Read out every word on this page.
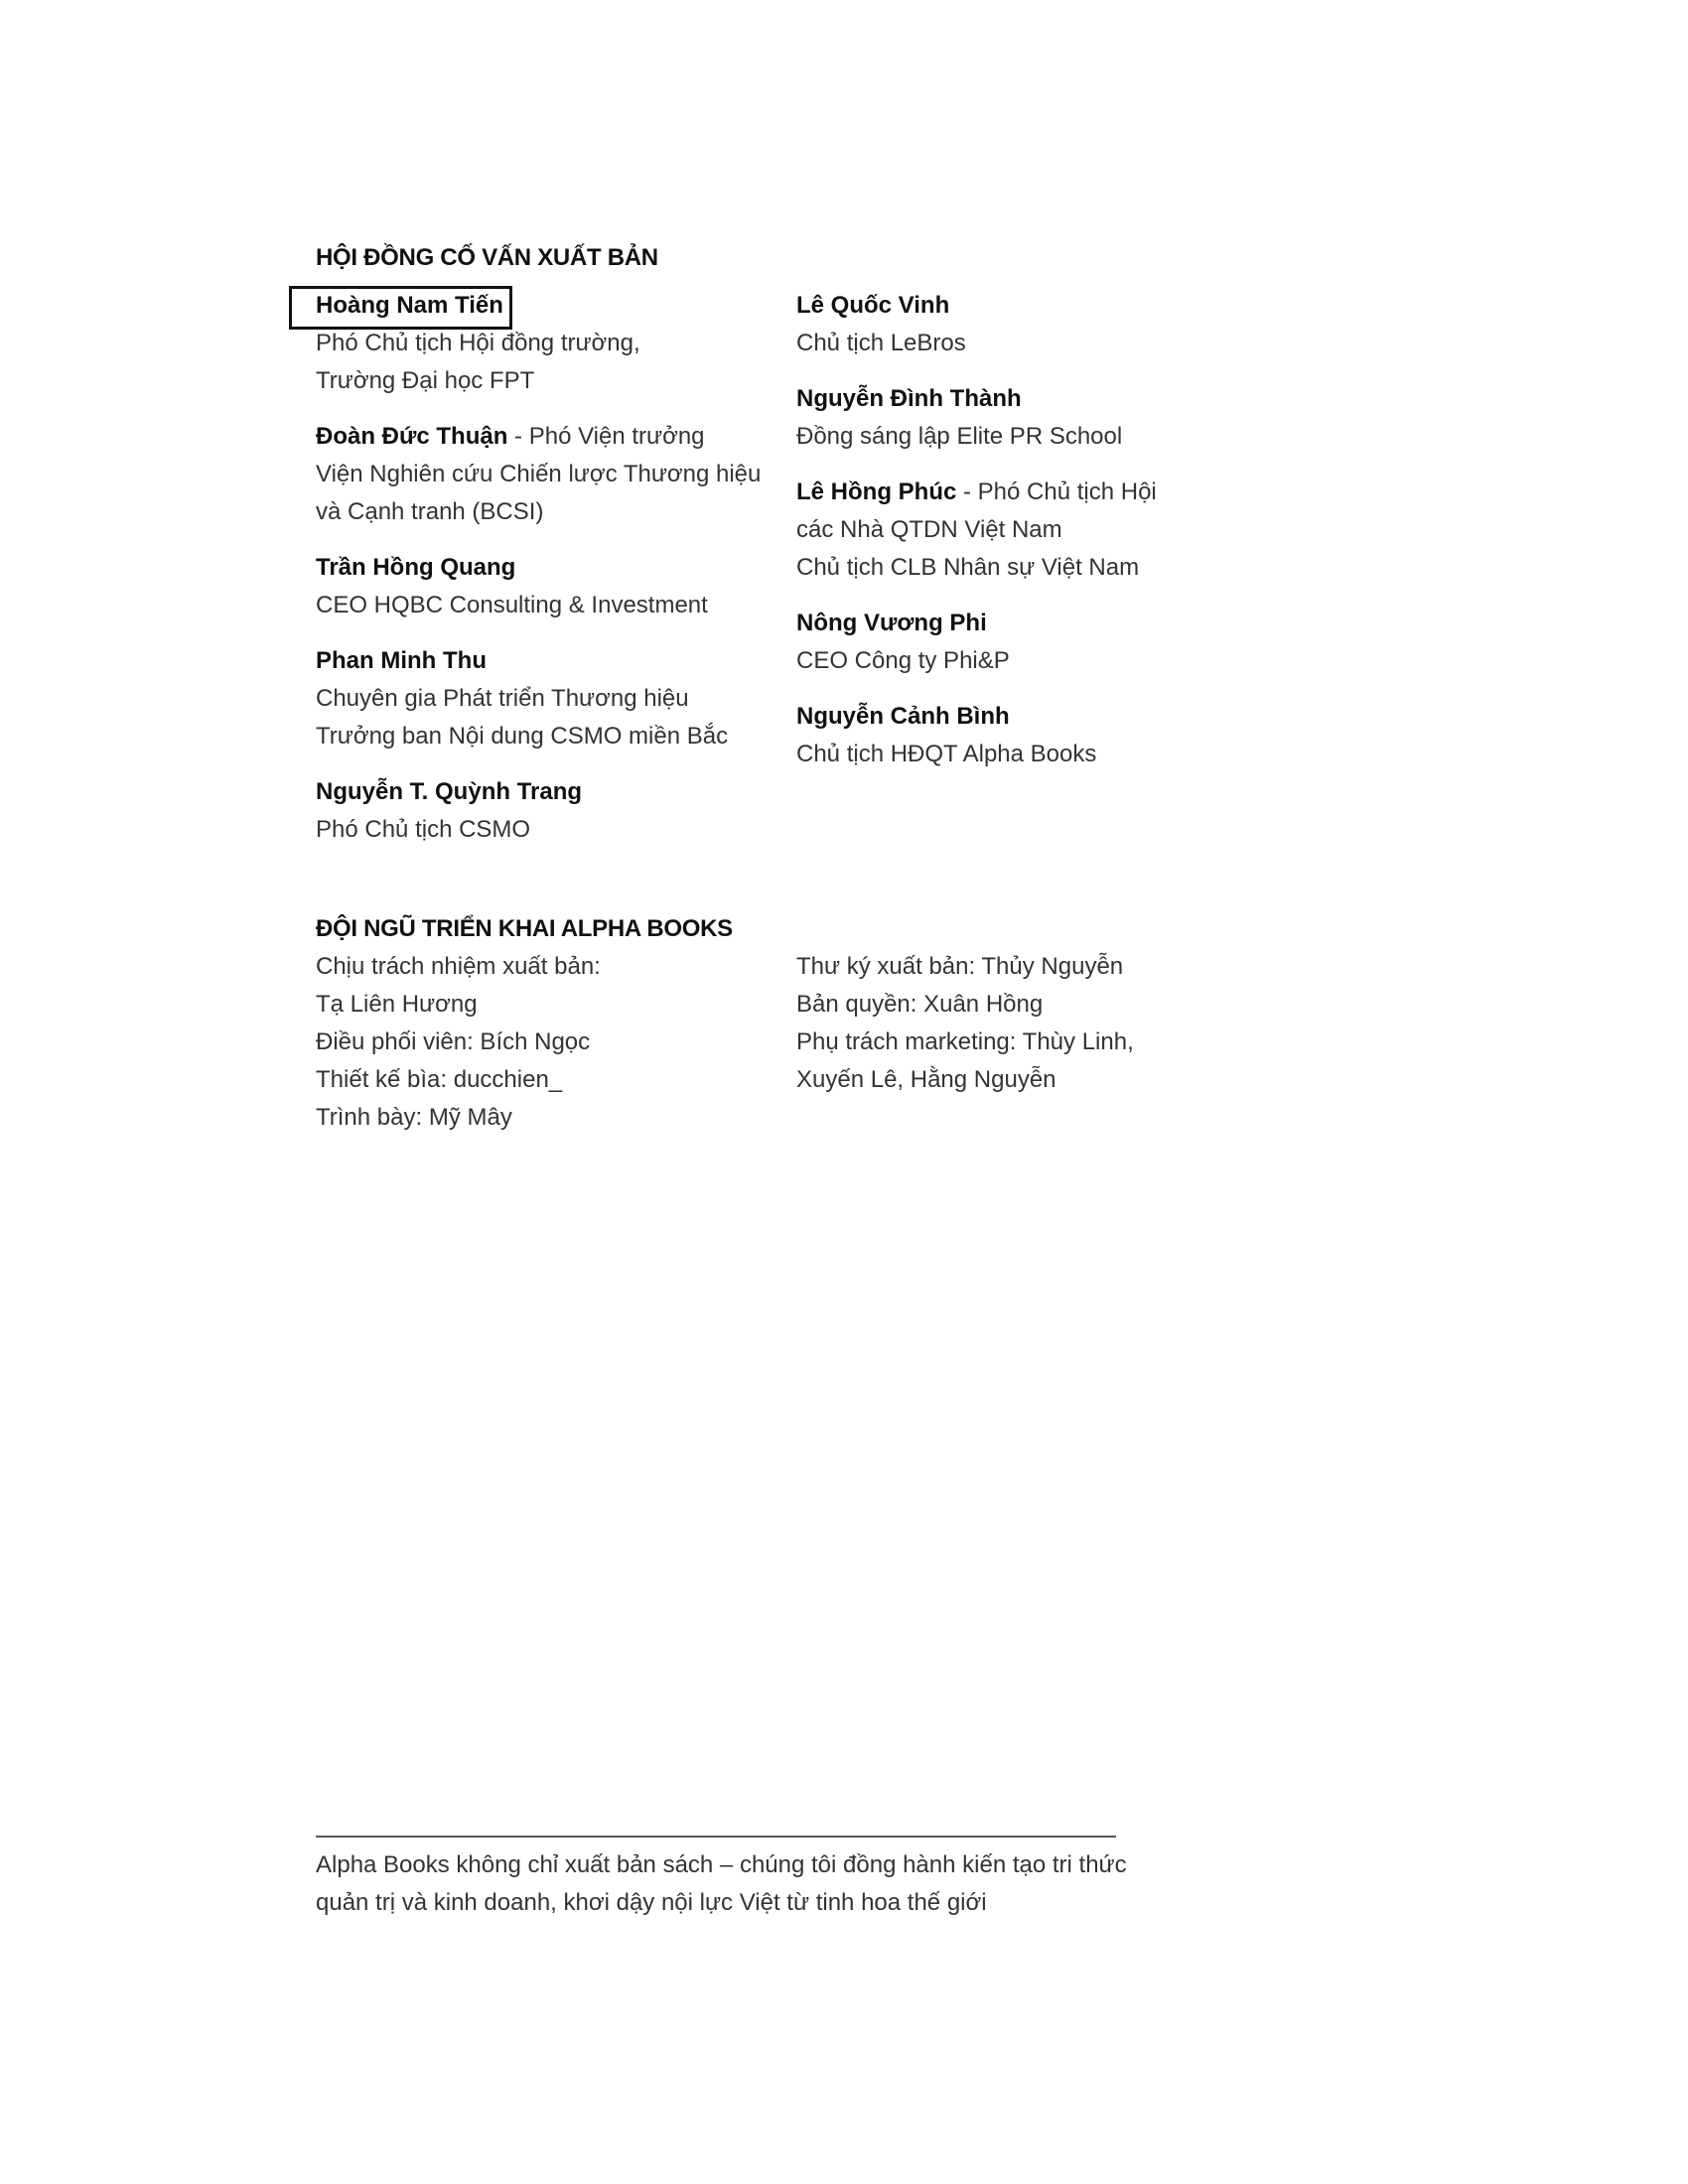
HỘI ĐỒNG CỐ VẤN XUẤT BẢN
Hoàng Nam Tiến
Phó Chủ tịch Hội đồng trường,
Trường Đại học FPT
Đoàn Đức Thuận - Phó Viện trưởng
Viện Nghiên cứu Chiến lược Thương hiệu
và Cạnh tranh (BCSI)
Trần Hồng Quang
CEO HQBC Consulting & Investment
Phan Minh Thu
Chuyên gia Phát triển Thương hiệu
Trưởng ban Nội dung CSMO miền Bắc
Nguyễn T. Quỳnh Trang
Phó Chủ tịch CSMO
Lê Quốc Vinh
Chủ tịch LeBros
Nguyễn Đình Thành
Đồng sáng lập Elite PR School
Lê Hồng Phúc - Phó Chủ tịch Hội
các Nhà QTDN Việt Nam
Chủ tịch CLB Nhân sự Việt Nam
Nông Vương Phi
CEO Công ty Phi&P
Nguyễn Cảnh Bình
Chủ tịch HĐQT Alpha Books
ĐỘI NGŨ TRIỂN KHAI ALPHA BOOKS
Chịu trách nhiệm xuất bản:
Tạ Liên Hương
Điều phối viên: Bích Ngọc
Thiết kế bìa: ducchien_
Trình bày: Mỹ Mây
Thư ký xuất bản: Thủy Nguyễn
Bản quyền: Xuân Hồng
Phụ trách marketing: Thùy Linh,
Xuyến Lê, Hằng Nguyễn
Alpha Books không chỉ xuất bản sách – chúng tôi đồng hành kiến tạo tri thức
quản trị và kinh doanh, khơi dậy nội lực Việt từ tinh hoa thế giới
